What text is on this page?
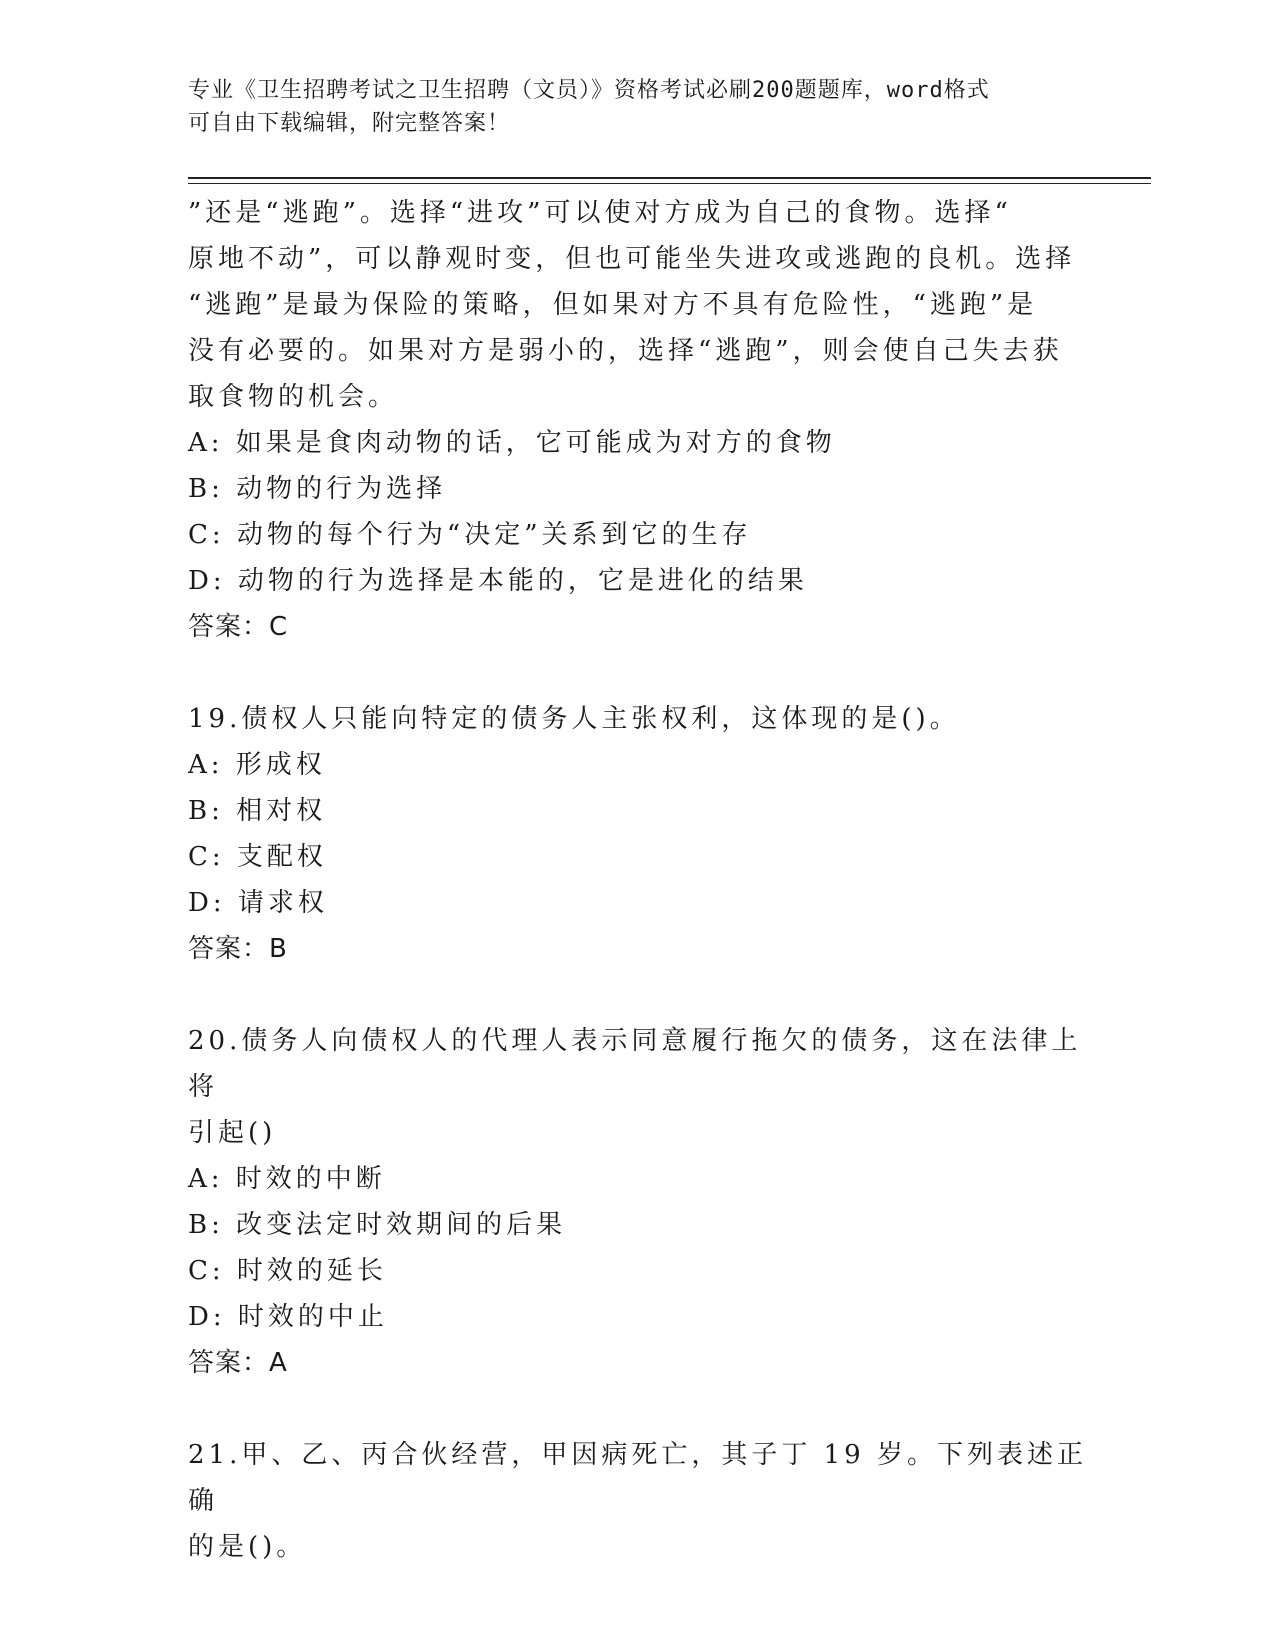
专业《卫生招聘考试之卫生招聘（文员）》资格考试必刷200题题库，word格式
可自由下载编辑，附完整答案！

”还是“逃跑”。选择“进攻”可以使对方成为自己的食物。选择“

原地不动”，可以静观时变，但也可能坐失进攻或逃跑的良机。选择

“逃跑”是最为保险的策略，但如果对方不具有危险性，“逃跑”是

没有必要的。如果对方是弱小的，选择“逃跑”，则会使自己失去获

取食物的机会。

A: 如果是食肉动物的话，它可能成为对方的食物

B: 动物的行为选择

C: 动物的每个行为“决定”关系到它的生存

D: 动物的行为选择是本能的，它是进化的结果

答案：C

19.债权人只能向特定的债务人主张权利，这体现的是()。

A: 形成权

B: 相对权

C: 支配权

D: 请求权

答案：B

20.债务人向债权人的代理人表示同意履行拖欠的债务，这在法律上将

引起()

A: 时效的中断

B: 改变法定时效期间的后果

C: 时效的延长

D: 时效的中止

答案：A

21.甲、乙、丙合伙经营，甲因病死亡，其子丁 19 岁。下列表述正确

的是()。
